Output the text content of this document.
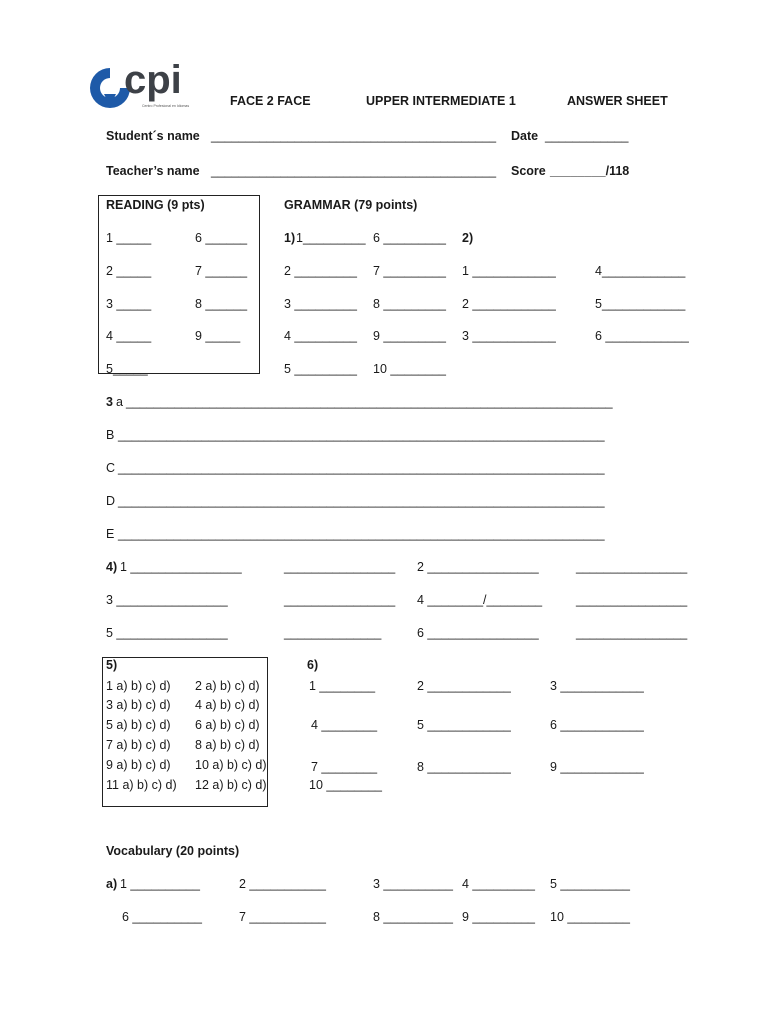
cpi
Centro Profesional en Idiomas	FACE 2 FACE	UPPER INTERMEDIATE 1	ANSWER SHEET
Student´s name _________________________________________ Date ____________
Teacher’s name _________________________________________ Score ________/118
READING (9 pts)
1 _____	6 ______
2 _____	7 ______
3 _____	8 ______
4 _____	9 _____
5_____
GRAMMAR (79 points)
1) 1_________ 6 _________
2 _________ 7 _________
3 _________ 8 _________
4 _________ 9 _________
5 _________ 10 ________
2)
1 ____________	4____________
2 ____________	5____________
3 ____________	6 ____________
3 a ______________________________________________________________________
B ______________________________________________________________________
C ______________________________________________________________________
D ______________________________________________________________________
E ______________________________________________________________________
4) 1 ________________	________________ 2 ________________	________________
3 ________________	________________ 4 ________/________	________________
5 ________________	______________	6 ________________	________________
5)
1 a) b) c) d) 2 a) b) c) d)
3 a) b) c) d) 4 a) b) c) d)
5 a) b) c) d) 6 a) b) c) d)
7 a) b) c) d) 8 a) b) c) d)
9 a) b) c) d) 10 a) b) c) d)
11 a) b) c) d) 12 a) b) c) d)
6)
1 ________	2 ____________	3 ____________
4 ________	5 ____________	6 ____________
7 ________	8 ____________	9 ____________
10 ________
Vocabulary (20 points)
a) 1 __________	2 ___________	3 __________ 4 _________ 5 __________
6 __________	7 ___________	8 __________ 9 _________ 10 _________
